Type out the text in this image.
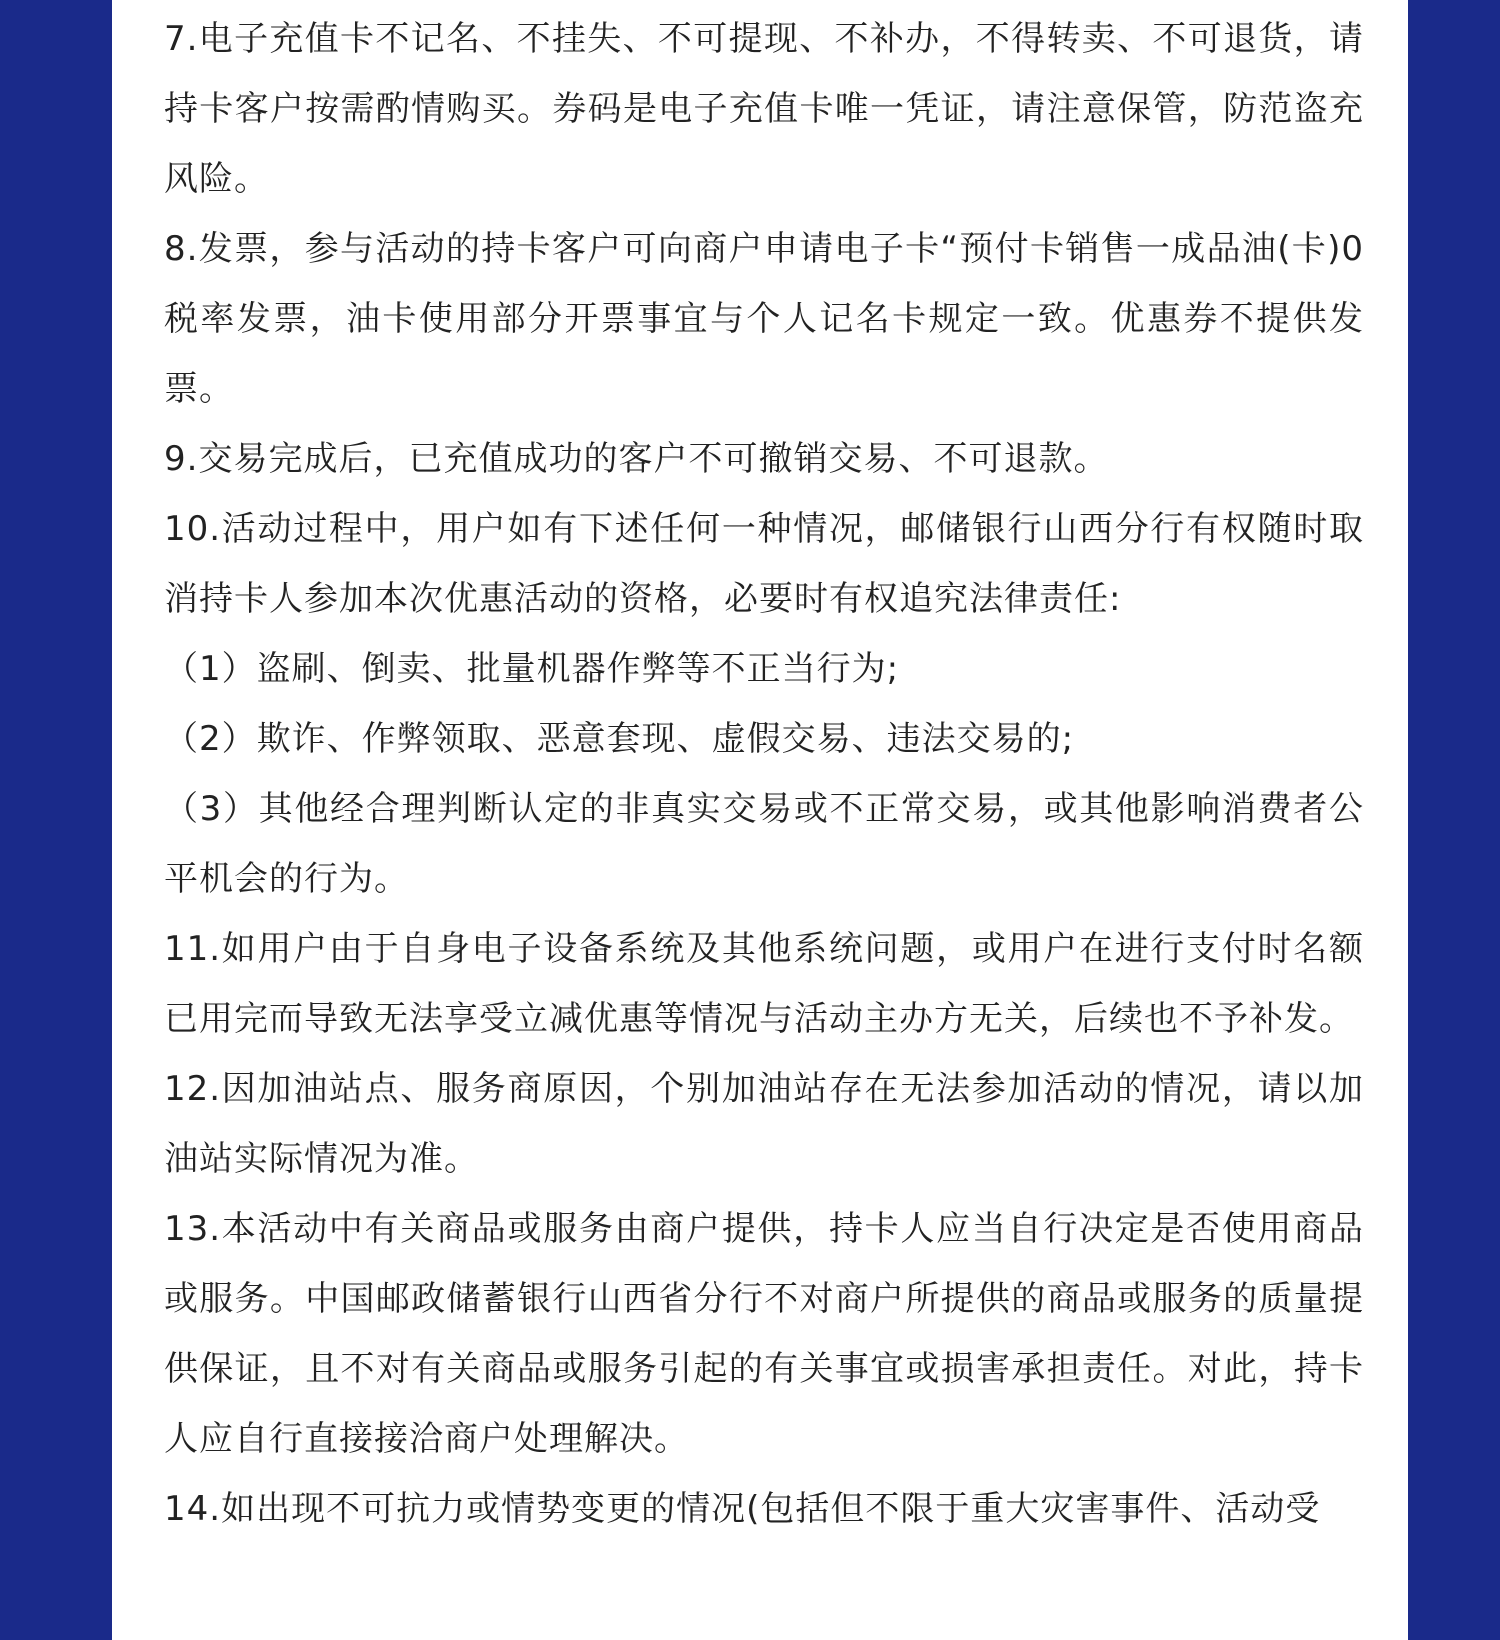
7.电子充值卡不记名、不挂失、不可提现、不补办，不得转卖、不可退货，请持卡客户按需酌情购买。券码是电子充值卡唯一凭证，请注意保管，防范盗充风险。

8.发票，参与活动的持卡客户可向商户申请电子卡“预付卡销售一成品油(卡)0税率发票，油卡使用部分开票事宜与个人记名卡规定一致。优惠券不提供发票。

9.交易完成后，已充值成功的客户不可撤销交易、不可退款。

10.活动过程中，用户如有下述任何一种情况，邮储银行山西分行有权随时取消持卡人参加本次优惠活动的资格，必要时有权追究法律责任:

（1）盗刷、倒卖、批量机器作弊等不正当行为;

（2）欺诈、作弊领取、恶意套现、虚假交易、违法交易的;

（3）其他经合理判断认定的非真实交易或不正常交易，或其他影响消费者公平机会的行为。

11.如用户由于自身电子设备系统及其他系统问题，或用户在进行支付时名额已用完而导致无法享受立减优惠等情况与活动主办方无关，后续也不予补发。

12.因加油站点、服务商原因，个别加油站存在无法参加活动的情况，请以加油站实际情况为准。

13.本活动中有关商品或服务由商户提供，持卡人应当自行决定是否使用商品或服务。中国邮政储蓄银行山西省分行不对商户所提供的商品或服务的质量提供保证，且不对有关商品或服务引起的有关事宜或损害承担责任。对此，持卡人应自行直接接洽商户处理解决。

14.如出现不可抗力或情势变更的情况(包括但不限于重大灾害事件、活动受
